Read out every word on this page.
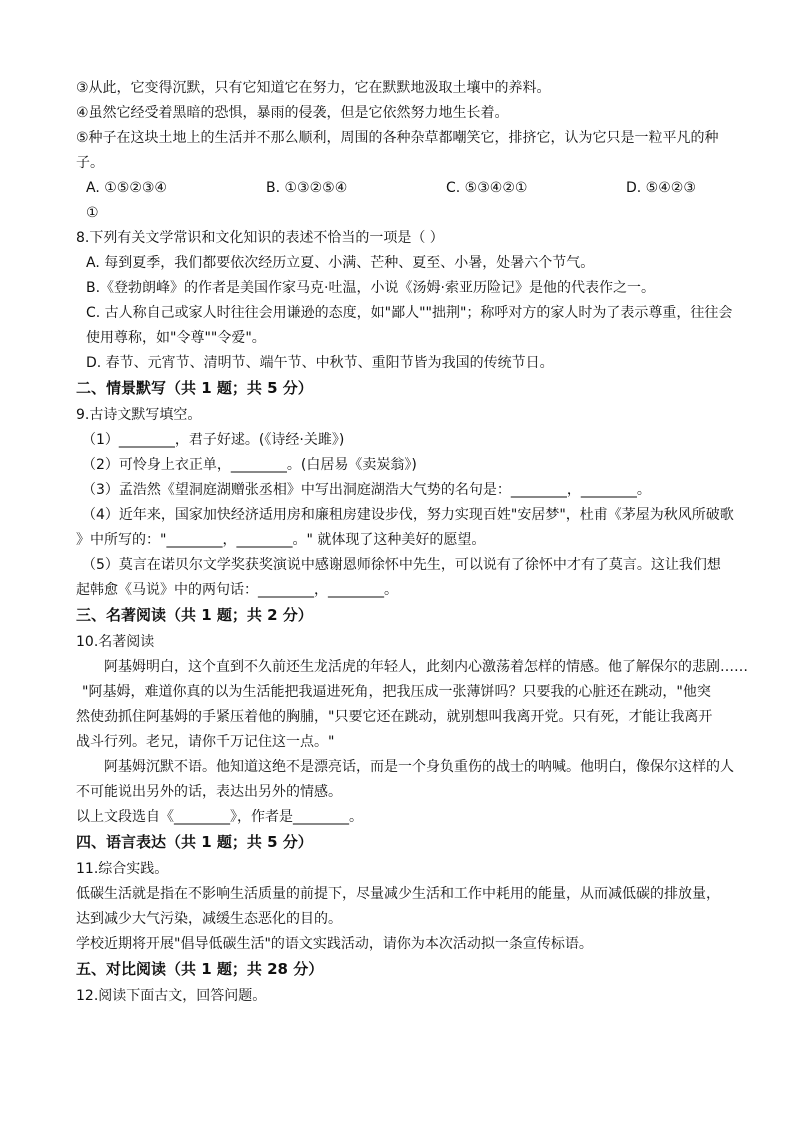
③从此，它变得沉默，只有它知道它在努力，它在默默地汲取土壤中的养料。
④虽然它经受着黑暗的恐惧，暴雨的侵袭，但是它依然努力地生长着。
⑤种子在这块土地上的生活并不那么顺利，周围的各种杂草都嘲笑它，排挤它，认为它只是一粒平凡的种
子。
A. ①⑤②③④	B. ①③②⑤④	C. ⑤③④②①	D. ⑤④②③
①
8.下列有关文学常识和文化知识的表述不恰当的一项是（ ）
A. 每到夏季，我们都要依次经历立夏、小满、芒种、夏至、小暑，处暑六个节气。
B.《登勃朗峰》的作者是美国作家马克·吐温，小说《汤姆·索亚历险记》是他的代表作之一。
C. 古人称自己或家人时往往会用谦逊的态度，如"鄙人""拙荆"；称呼对方的家人时为了表示尊重，往往会
使用尊称，如"令尊""令爱"。
D. 春节、元宵节、清明节、端午节、中秋节、重阳节皆为我国的传统节日。
二、情景默写（共 1 题；共 5 分）
9.古诗文默写填空。
（1）________，君子好逑。(《诗经·关雎》)
（2）可怜身上衣正单，________。(白居易《卖炭翁》)
（3）孟浩然《望洞庭湖赠张丞相》中写出洞庭湖浩大气势的名句是：________，________。
（4）近年来，国家加快经济适用房和廉租房建设步伐，努力实现百姓"安居梦"，杜甫《茅屋为秋风所破歌
》中所写的："________，________。" 就体现了这种美好的愿望。
（5）莫言在诺贝尔文学奖获奖演说中感谢恩师徐怀中先生，可以说有了徐怀中才有了莫言。这让我们想
起韩愈《马说》中的两句话：________，________。
三、名著阅读（共 1 题；共 2 分）
10.名著阅读
阿基姆明白，这个直到不久前还生龙活虎的年轻人，此刻内心激荡着怎样的情感。他了解保尔的悲剧……
"阿基姆，难道你真的以为生活能把我逼进死角，把我压成一张薄饼吗？只要我的心脏还在跳动，"他突
然使劲抓住阿基姆的手紧压着他的胸脯，"只要它还在跳动，就别想叫我离开党。只有死，才能让我离开
战斗行列。老兄，请你千万记住这一点。"
阿基姆沉默不语。他知道这绝不是漂亮话，而是一个身负重伤的战士的呐喊。他明白，像保尔这样的人
不可能说出另外的话，表达出另外的情感。
以上文段选自《________》，作者是________。
四、语言表达（共 1 题；共 5 分）
11.综合实践。
低碳生活就是指在不影响生活质量的前提下，尽量减少生活和工作中耗用的能量，从而减低碳的排放量，
达到减少大气污染，减缓生态恶化的目的。
学校近期将开展"倡导低碳生活"的语文实践活动，请你为本次活动拟一条宣传标语。
五、对比阅读（共 1 题；共 28 分）
12.阅读下面古文，回答问题。
